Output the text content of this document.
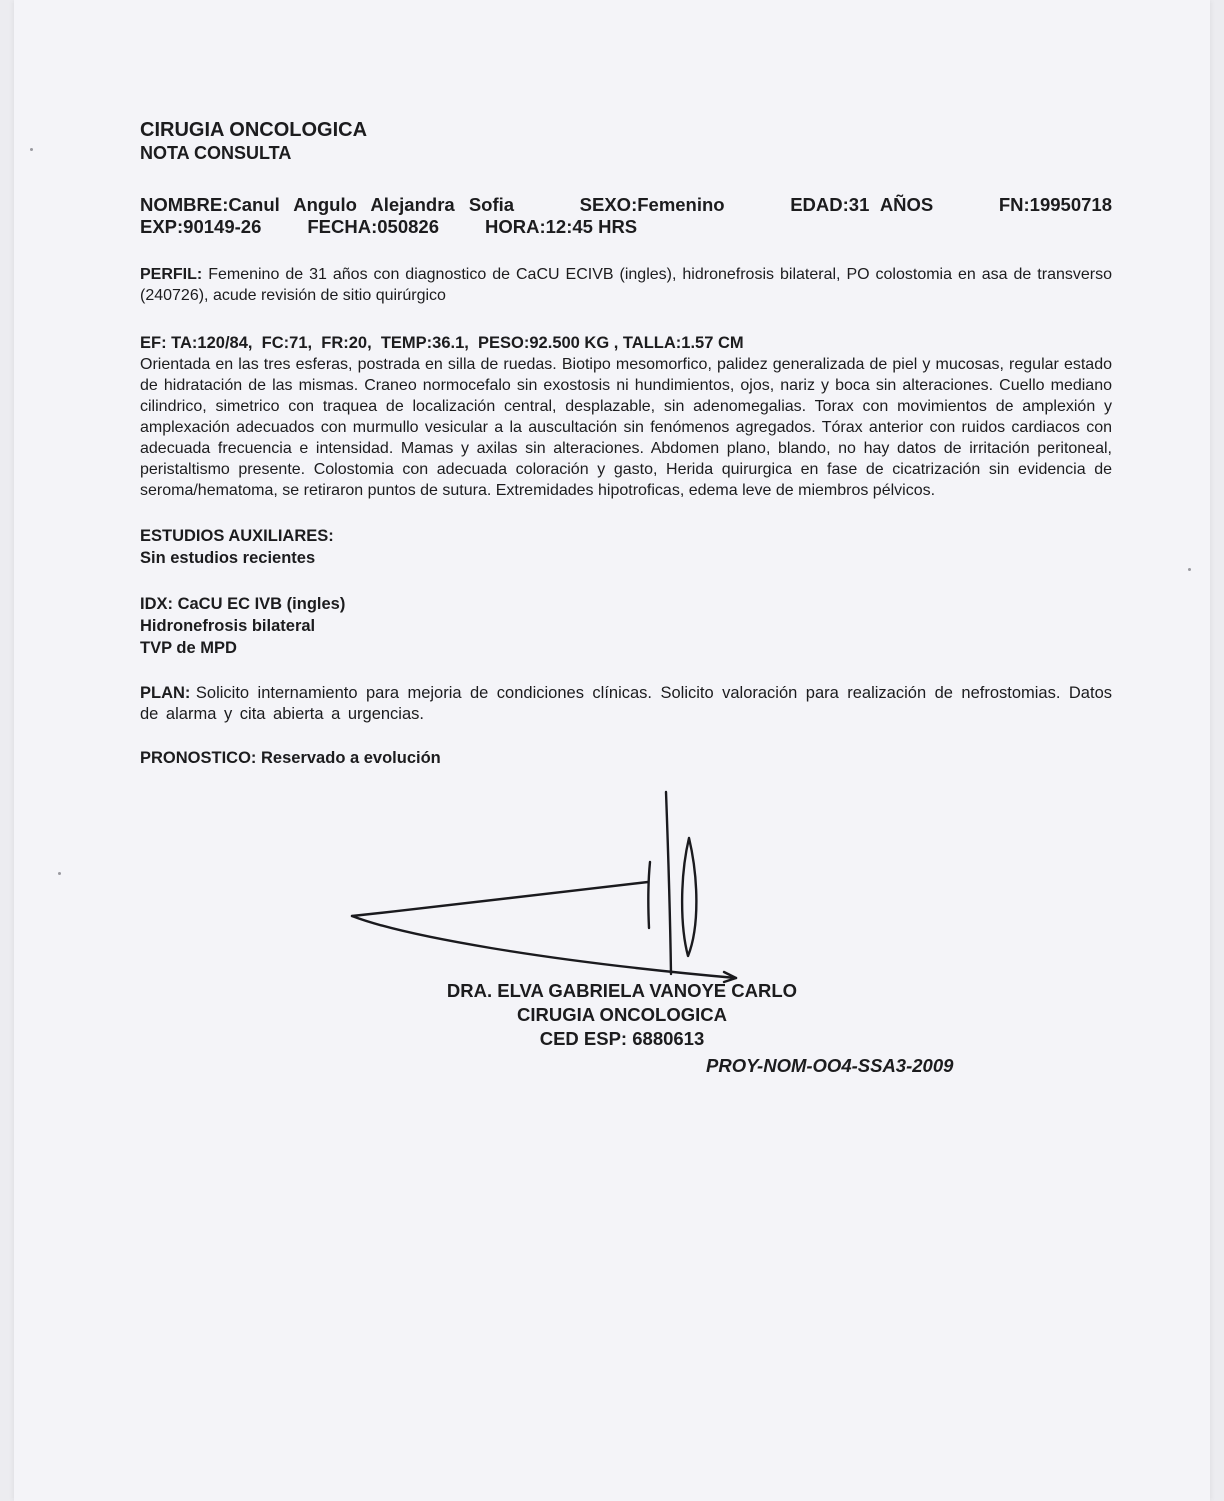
CIRUGIA ONCOLOGICA
NOTA CONSULTA
NOMBRE:Canul Angulo Alejandra Sofia	SEXO:Femenino	EDAD:31 AÑOS	FN:19950718
EXP:90149-26 FECHA:050826 HORA:12:45 HRS
PERFIL: Femenino de 31 años con diagnostico de CaCU ECIVB (ingles), hidronefrosis bilateral, PO colostomia en asa de transverso (240726), acude revisión de sitio quirúrgico
EF: TA:120/84,  FC:71,  FR:20,  TEMP:36.1,  PESO:92.500 KG , TALLA:1.57 CM
Orientada en las tres esferas, postrada en silla de ruedas. Biotipo mesomorfico, palidez generalizada de piel y mucosas, regular estado de hidratación de las mismas. Craneo normocefalo sin exostosis ni hundimientos, ojos, nariz y boca sin alteraciones. Cuello mediano cilindrico, simetrico con traquea de localización central, desplazable, sin adenomegalias. Torax con movimientos de amplexión y amplexación adecuados con murmullo vesicular a la auscultación sin fenómenos agregados. Tórax anterior con ruidos cardiacos con adecuada frecuencia e intensidad. Mamas y axilas sin alteraciones. Abdomen plano, blando, no hay datos de irritación peritoneal, peristaltismo presente. Colostomia con adecuada coloración y gasto, Herida quirurgica en fase de cicatrización sin evidencia de seroma/hematoma, se retiraron puntos de sutura. Extremidades hipotroficas, edema leve de miembros pélvicos.
ESTUDIOS AUXILIARES:
Sin estudios recientes
IDX: CaCU EC IVB (ingles)
Hidronefrosis bilateral
TVP de MPD
PLAN: Solicito internamiento para mejoria de condiciones clínicas. Solicito valoración para realización de nefrostomias. Datos de alarma y cita abierta a urgencias.
PRONOSTICO: Reservado a evolución
DRA. ELVA GABRIELA VANOYE CARLO
CIRUGIA ONCOLOGICA
CED ESP: 6880613
PROY-NOM-OO4-SSA3-2009
